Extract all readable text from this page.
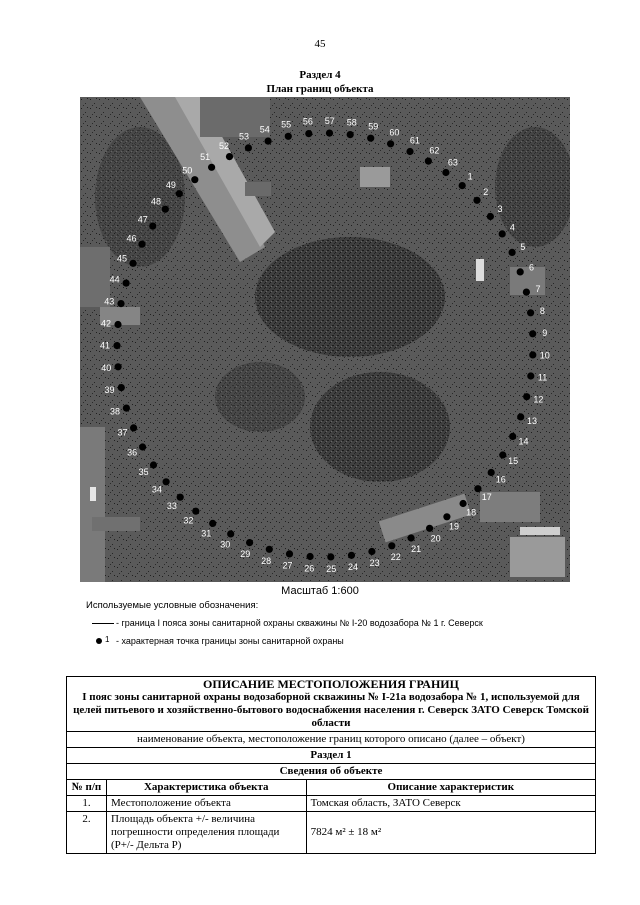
45
Раздел 4
План границ объекта
1
2
3
4
5
6
7
8
9
10
11
12
13
14
15
16
17
18
19
20
21
22
23
24
25
26
27
28
29
30
31
32
33
34
35
36
37
38
39
40
41
42
43
44
45
46
47
48
49
50
51
52
53
54
55 56 57 58 59
60
61
62
63
Масштаб 1:600
Используемые условные обозначения:
- граница I пояса зоны санитарной охраны скважины № I-20 водозабора № 1 г. Северск
1 - характерная точка границы зоны санитарной охраны
ОПИСАНИЕ МЕСТОПОЛОЖЕНИЯ ГРАНИЦ
I пояс зоны санитарной охраны водозаборной скважины № I-21а водозабора № 1, используемой для целей питьевого и хозяйственно-бытового водоснабжения населения г. Северск ЗАТО Северск Томской области		

наименование объекта, местоположение границ которого описано (далее – объект)		
Раздел 1		
Сведения об объекте		
№ п/п	Характеристика объекта	Описание характеристик
1.	Местоположение объекта	Томская область, ЗАТО Северск
2.	Площадь объекта +/- величина погрешности определения площади (P+/- Дельта P)	7824 м² ± 18 м²
